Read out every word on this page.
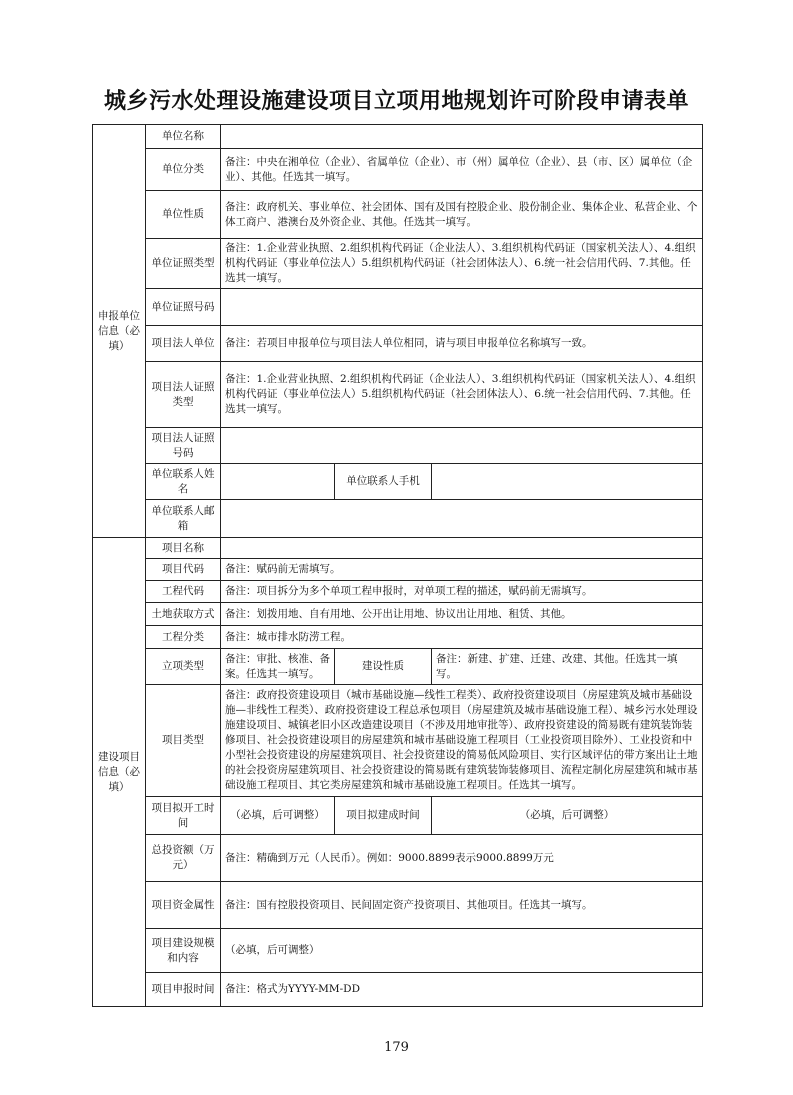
城乡污水处理设施建设项目立项用地规划许可阶段申请表单
申报单位信息（必填）	单位名称			
	单位分类	备注：中央在湘单位（企业）、省属单位（企业）、市（州）属单位（企业）、县（市、区）属单位（企业）、其他。任选其一填写。		
	单位性质	备注：政府机关、事业单位、社会团体、国有及国有控股企业、股份制企业、集体企业、私营企业、个体工商户、港澳台及外资企业、其他。任选其一填写。		
	单位证照类型	备注：1.企业营业执照、2.组织机构代码证（企业法人）、3.组织机构代码证（国家机关法人）、4.组织机构代码证（事业单位法人）5.组织机构代码证（社会团体法人）、6.统一社会信用代码、7.其他。任选其一填写。		
	单位证照号码			
	项目法人单位	备注：若项目申报单位与项目法人单位相同，请与项目申报单位名称填写一致。		
	项目法人证照类型	备注：1.企业营业执照、2.组织机构代码证（企业法人）、3.组织机构代码证（国家机关法人）、4.组织机构代码证（事业单位法人）5.组织机构代码证（社会团体法人）、6.统一社会信用代码、7.其他。任选其一填写。		
	项目法人证照号码			
	单位联系人姓名		单位联系人手机	
	单位联系人邮箱			
建设项目信息（必填）	项目名称			
	项目代码	备注：赋码前无需填写。		
	工程代码	备注：项目拆分为多个单项工程申报时，对单项工程的描述，赋码前无需填写。		
	土地获取方式	备注：划拨用地、自有用地、公开出让用地、协议出让用地、租赁、其他。		
	工程分类	备注：城市排水防涝工程。		
	立项类型	备注：审批、核准、备案。任选其一填写。	建设性质	备注：新建、扩建、迁建、改建、其他。任选其一填写。
	项目类型	备注：政府投资建设项目（城市基础设施—线性工程类）、政府投资建设项目（房屋建筑及城市基础设施—非线性工程类）、政府投资建设工程总承包项目（房屋建筑及城市基础设施工程）、城乡污水处理设施建设项目、城镇老旧小区改造建设项目（不涉及用地审批等）、政府投资建设的简易既有建筑装饰装修项目、社会投资建设项目的房屋建筑和城市基础设施工程项目（工业投资项目除外）、工业投资和中小型社会投资建设的房屋建筑项目、社会投资建设的简易低风险项目、实行区域评估的带方案出让土地的社会投资房屋建筑项目、社会投资建设的简易既有建筑装饰装修项目、流程定制化房屋建筑和城市基础设施工程项目、其它类房屋建筑和城市基础设施工程项目。任选其一填写。		
	项目拟开工时间	（必填，后可调整）	项目拟建成时间	（必填，后可调整）
	总投资额（万元）	备注：精确到万元（人民币）。例如：9000.8899表示9000.8899万元		
	项目资金属性	备注：国有控股投资项目、民间固定资产投资项目、其他项目。任选其一填写。		
	项目建设规模和内容	（必填，后可调整）		
	项目申报时间	备注：格式为YYYY-MM-DD		
179
